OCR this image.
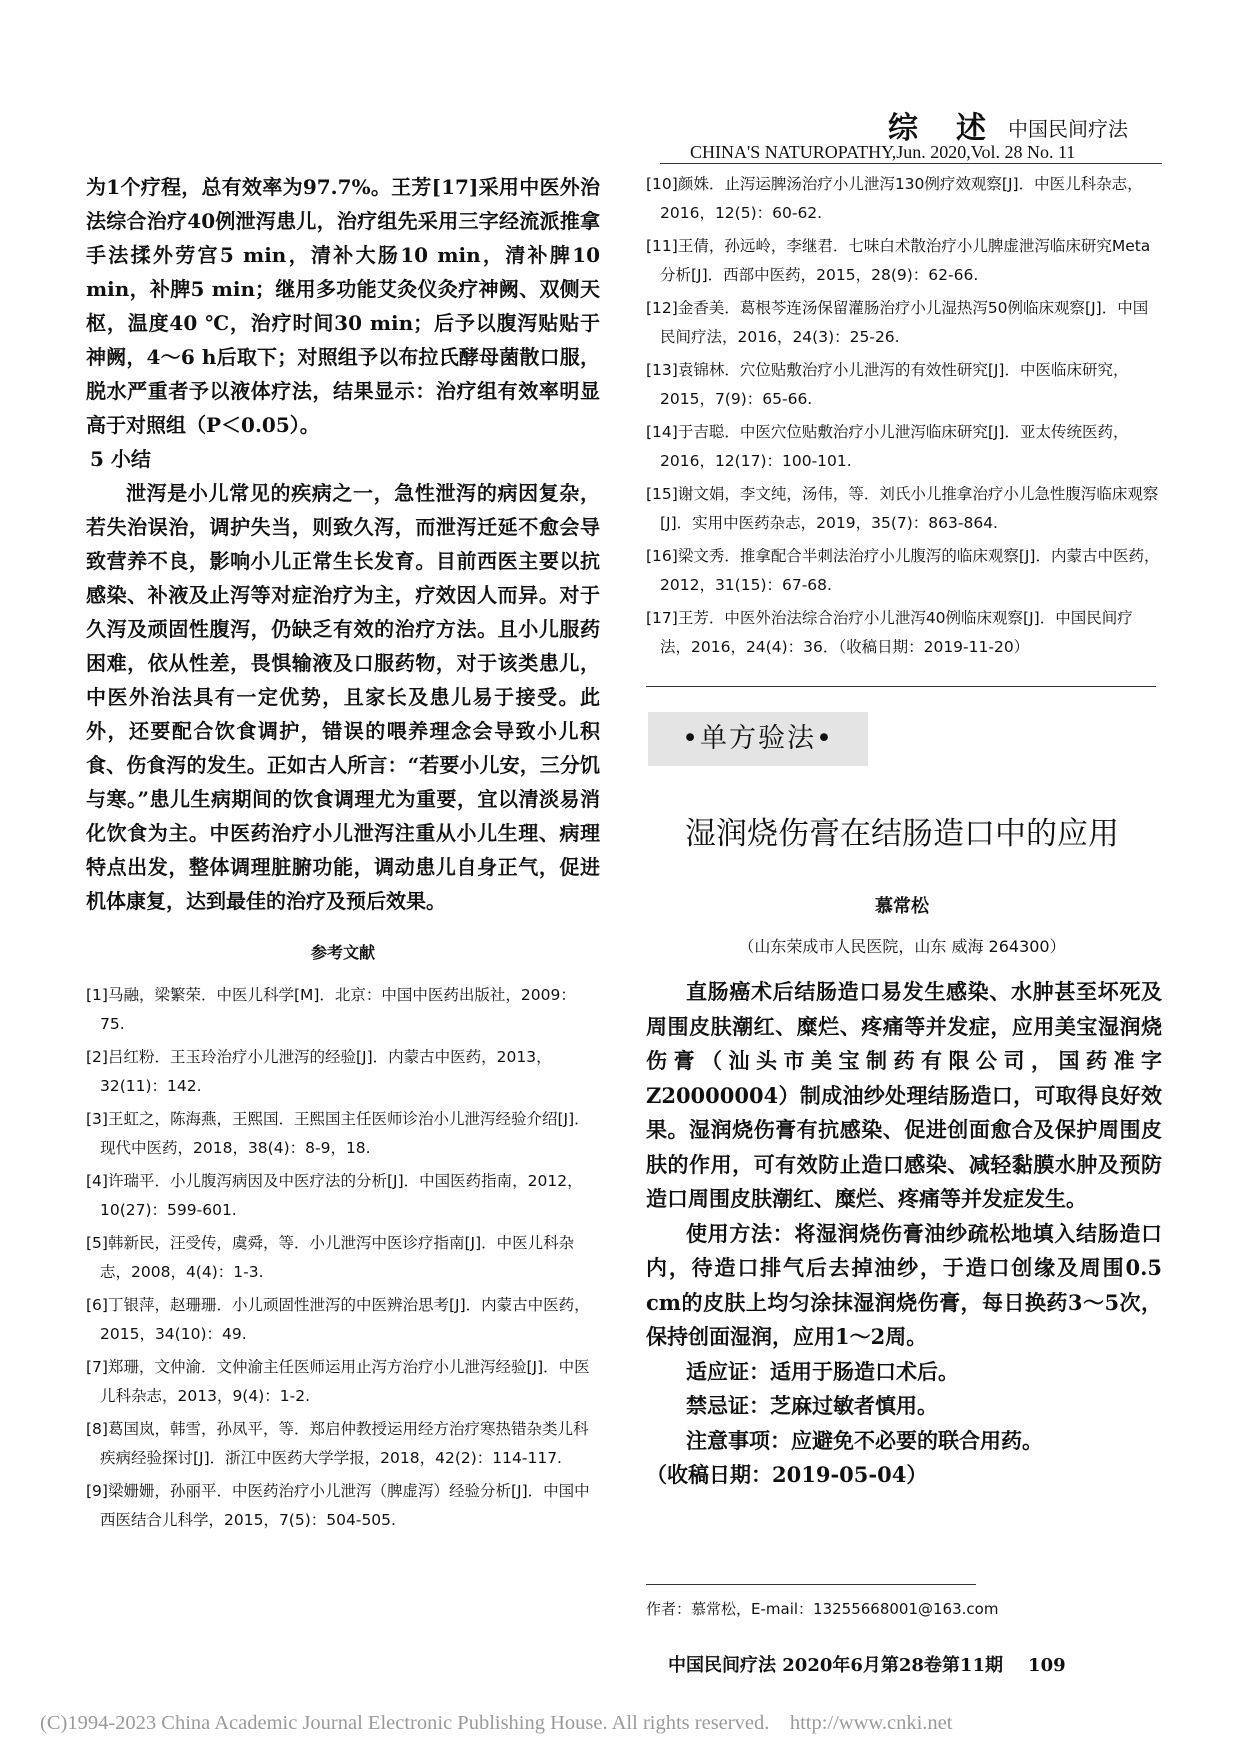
综述
中国民间疗法
CHINA'S NATUROPATHY,Jun. 2020,Vol. 28 No. 11

为1个疗程，总有效率为97.7%。王芳[17]采用中医外治法综合治疗40例泄泻患儿，治疗组先采用三字经流派推拿手法揉外劳宫5 min，清补大肠10 min，清补脾10 min，补脾5 min；继用多功能艾灸仪灸疗神阙、双侧天枢，温度40 ℃，治疗时间30 min；后予以腹泻贴贴于神阙，4～6 h后取下；对照组予以布拉氏酵母菌散口服，脱水严重者予以液体疗法，结果显示：治疗组有效率明显高于对照组（P＜0.05）。

5 小结

泄泻是小儿常见的疾病之一，急性泄泻的病因复杂，若失治误治，调护失当，则致久泻，而泄泻迁延不愈会导致营养不良，影响小儿正常生长发育。目前西医主要以抗感染、补液及止泻等对症治疗为主，疗效因人而异。对于久泻及顽固性腹泻，仍缺乏有效的治疗方法。且小儿服药困难，依从性差，畏惧输液及口服药物，对于该类患儿，中医外治法具有一定优势，且家长及患儿易于接受。此外，还要配合饮食调护，错误的喂养理念会导致小儿积食、伤食泻的发生。正如古人所言：“若要小儿安，三分饥与寒。”患儿生病期间的饮食调理尤为重要，宜以清淡易消化饮食为主。中医药治疗小儿泄泻注重从小儿生理、病理特点出发，整体调理脏腑功能，调动患儿自身正气，促进机体康复，达到最佳的治疗及预后效果。

参考文献

[1]马融，梁繁荣．中医儿科学[M]．北京：中国中医药出版社，2009：75.

[2]吕红粉．王玉玲治疗小儿泄泻的经验[J]．内蒙古中医药，2013，32(11)：142.

[3]王虹之，陈海燕，王熙国．王熙国主任医师诊治小儿泄泻经验介绍[J]．现代中医药，2018，38(4)：8-9，18.

[4]许瑞平．小儿腹泻病因及中医疗法的分析[J]．中国医药指南，2012，10(27)：599-601.

[5]韩新民，汪受传，虞舜，等．小儿泄泻中医诊疗指南[J]．中医儿科杂志，2008，4(4)：1-3.

[6]丁银萍，赵珊珊．小儿顽固性泄泻的中医辨治思考[J]．内蒙古中医药，2015，34(10)：49.

[7]郑珊，文仲渝．文仲渝主任医师运用止泻方治疗小儿泄泻经验[J]．中医儿科杂志，2013，9(4)：1-2.

[8]葛国岚，韩雪，孙凤平，等．郑启仲教授运用经方治疗寒热错杂类儿科疾病经验探讨[J]．浙江中医药大学学报，2018，42(2)：114-117.

[9]梁姗姗，孙丽平．中医药治疗小儿泄泻（脾虚泻）经验分析[J]．中国中西医结合儿科学，2015，7(5)：504-505.

[10]颜姝．止泻运脾汤治疗小儿泄泻130例疗效观察[J]．中医儿科杂志，2016，12(5)：60-62.

[11]王倩，孙远岭，李继君．七味白术散治疗小儿脾虚泄泻临床研究Meta分析[J]．西部中医药，2015，28(9)：62-66.

[12]金香美．葛根芩连汤保留灌肠治疗小儿湿热泻50例临床观察[J]．中国民间疗法，2016，24(3)：25-26.

[13]袁锦林．穴位贴敷治疗小儿泄泻的有效性研究[J]．中医临床研究，2015，7(9)：65-66.

[14]于吉聪．中医穴位贴敷治疗小儿泄泻临床研究[J]．亚太传统医药，2016，12(17)：100-101.

[15]谢文娟，李文纯，汤伟，等．刘氏小儿推拿治疗小儿急性腹泻临床观察[J]．实用中医药杂志，2019，35(7)：863-864.

[16]梁文秀．推拿配合半刺法治疗小儿腹泻的临床观察[J]．内蒙古中医药，2012，31(15)：67-68.

[17]王芳．中医外治法综合治疗小儿泄泻40例临床观察[J]．中国民间疗法，2016，24(4)：36．（收稿日期：2019-11-20）

•单方验法•
湿润烧伤膏在结肠造口中的应用
慕常松
（山东荣成市人民医院，山东 威海 264300）

直肠癌术后结肠造口易发生感染、水肿甚至坏死及周围皮肤潮红、糜烂、疼痛等并发症，应用美宝湿润烧伤膏（汕头市美宝制药有限公司，国药准字Z20000004）制成油纱处理结肠造口，可取得良好效果。湿润烧伤膏有抗感染、促进创面愈合及保护周围皮肤的作用，可有效防止造口感染、减轻黏膜水肿及预防造口周围皮肤潮红、糜烂、疼痛等并发症发生。

使用方法：将湿润烧伤膏油纱疏松地填入结肠造口内，待造口排气后去掉油纱，于造口创缘及周围0.5 cm的皮肤上均匀涂抹湿润烧伤膏，每日换药3～5次，保持创面湿润，应用1～2周。

适应证：适用于肠造口术后。

禁忌证：芝麻过敏者慎用。

注意事项：应避免不必要的联合用药。

（收稿日期：2019-05-04）

作者：慕常松，E-mail：13255668001@163.com
中国民间疗法 2020年6月第28卷第11期    109
(C)1994-2023 China Academic Journal Electronic Publishing House. All rights reserved.    http://www.cnki.net
